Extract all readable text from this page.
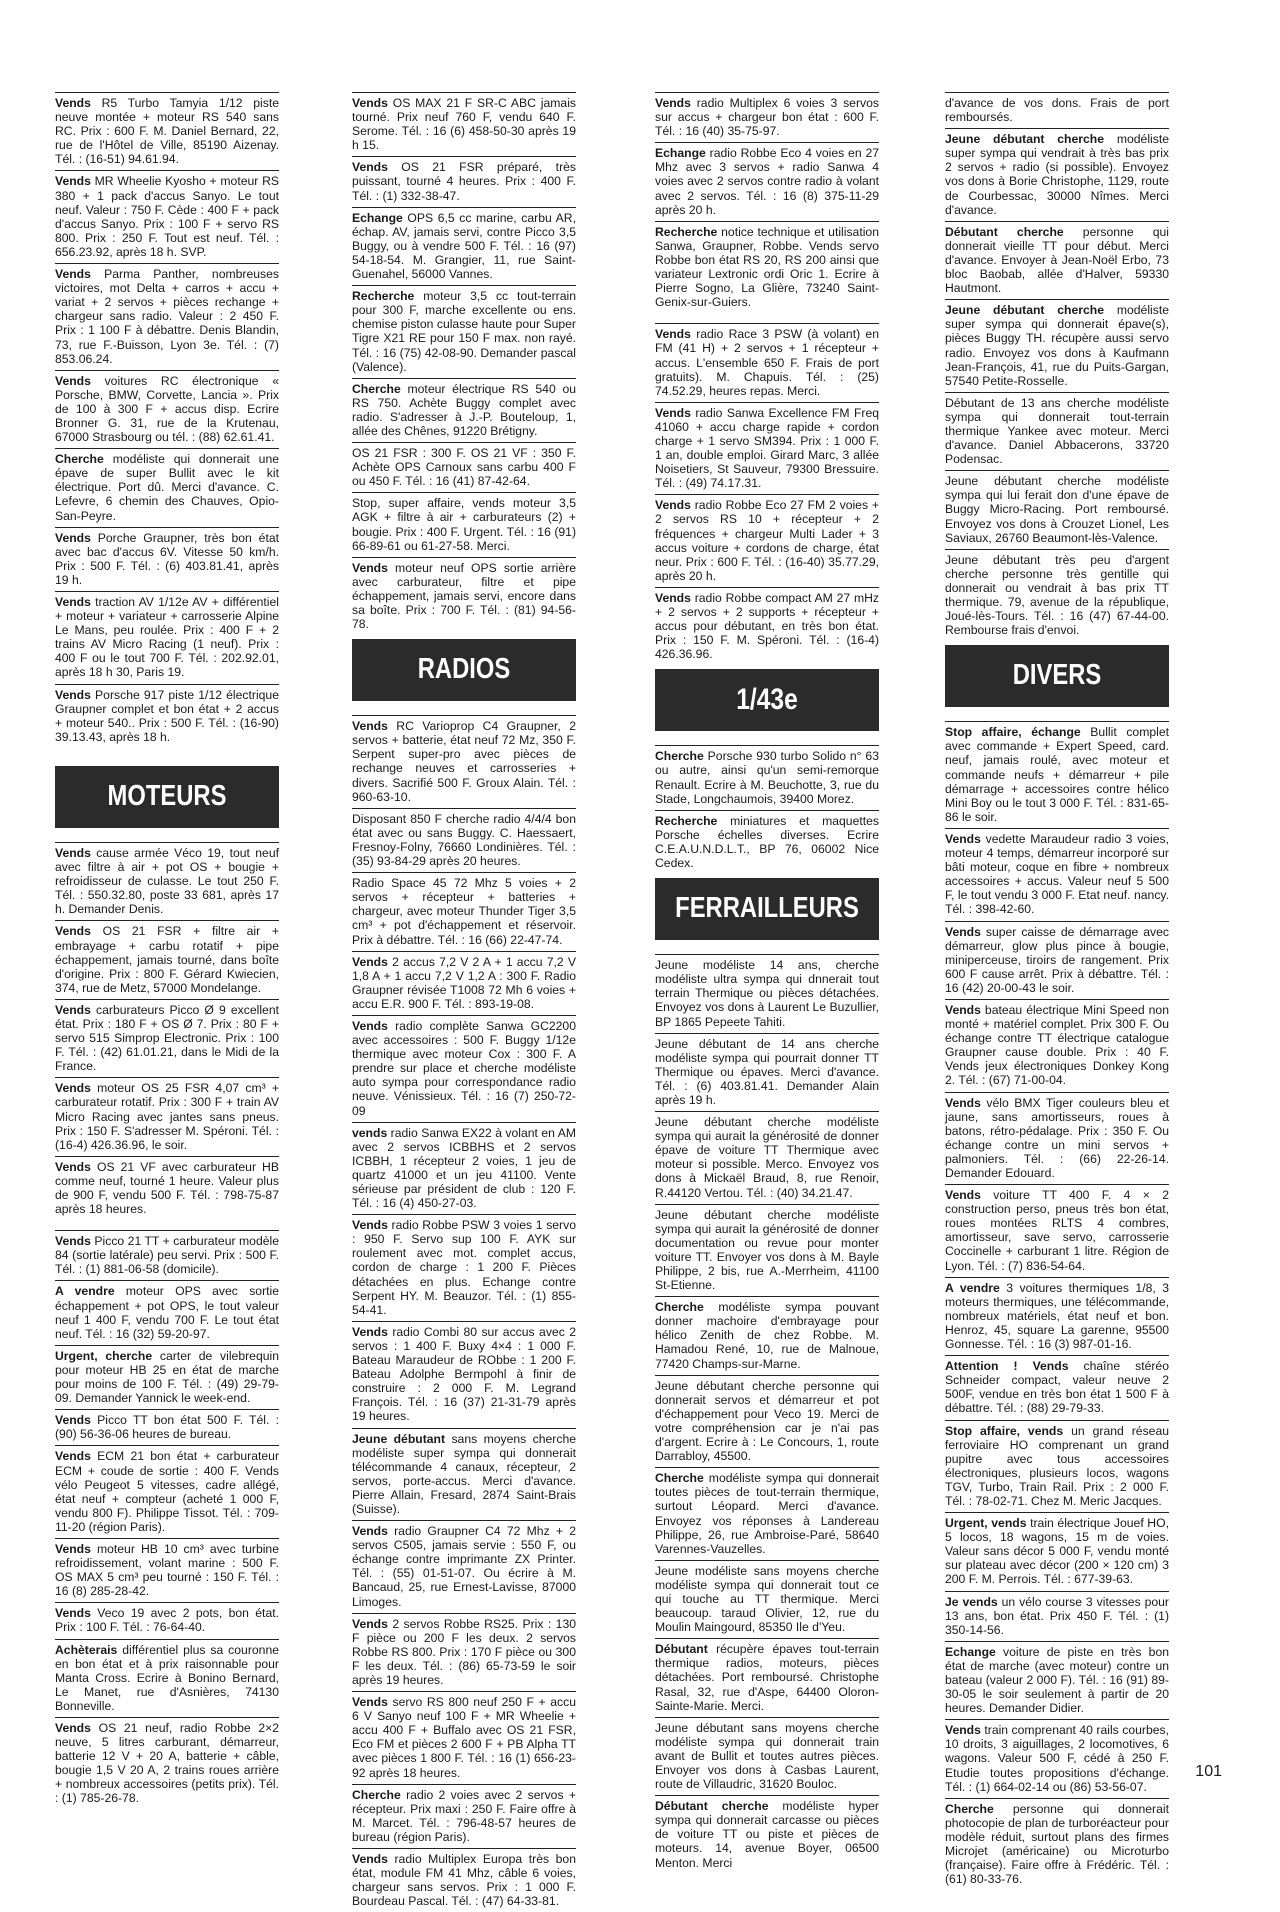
Vends R5 Turbo Tamyia 1/12 piste neuve montée + moteur RS 540 sans RC. Prix : 600 F. M. Daniel Bernard, 22, rue de l'Hôtel de Ville, 85190 Aizenay. Tél. : (16-51) 94.61.94.

Vends MR Wheelie Kyosho + moteur RS 380 + 1 pack d'accus Sanyo. Le tout neuf. Valeur : 750 F. Cède : 400 F + pack d'accus Sanyo. Prix : 100 F + servo RS 800. Prix : 250 F. Tout est neuf. Tél. : 656.23.92, après 18 h. SVP.

Vends Parma Panther, nombreuses victoires, mot Delta + carros + accu + variat + 2 servos + pièces rechange + chargeur sans radio. Valeur : 2 450 F. Prix : 1 100 F à débattre. Denis Blandin, 73, rue F.-Buisson, Lyon 3e. Tél. : (7) 853.06.24.

Vends voitures RC électronique « Porsche, BMW, Corvette, Lancia ». Prix de 100 à 300 F + accus disp. Ecrire Bronner G. 31, rue de la Krutenau, 67000 Strasbourg ou tél. : (88) 62.61.41.

Cherche modéliste qui donnerait une épave de super Bullit avec le kit électrique. Port dû. Merci d'avance. C. Lefevre, 6 chemin des Chauves, Opio-San-Peyre.

Vends Porche Graupner, très bon état avec bac d'accus 6V. Vitesse 50 km/h. Prix : 500 F. Tél. : (6) 403.81.41, après 19 h.

Vends traction AV 1/12e AV + différentiel + moteur + variateur + carrosserie Alpine Le Mans, peu roulée. Prix : 400 F + 2 trains AV Micro Racing (1 neuf). Prix : 400 F ou le tout 700 F. Tél. : 202.92.01, après 18 h 30, Paris 19.

Vends Porsche 917 piste 1/12 électrique Graupner complet et bon état + 2 accus + moteur 540.. Prix : 500 F. Tél. : (16-90) 39.13.43, après 18 h.

MOTEURS

Vends cause armée Véco 19, tout neuf avec filtre à air + pot OS + bougie + refroidisseur de culasse. Le tout 250 F. Tél. : 550.32.80, poste 33 681, après 17 h. Demander Denis.

Vends OS 21 FSR + filtre air + embrayage + carbu rotatif + pipe échappement, jamais tourné, dans boîte d'origine. Prix : 800 F. Gérard Kwiecien, 374, rue de Metz, 57000 Mondelange.

Vends carburateurs Picco Ø 9 excellent état. Prix : 180 F + OS Ø 7. Prix : 80 F + servo 515 Simprop Electronic. Prix : 100 F. Tél. : (42) 61.01.21, dans le Midi de la France.

Vends moteur OS 25 FSR 4,07 cm³ + carburateur rotatif. Prix : 300 F + train AV Micro Racing avec jantes sans pneus. Prix : 150 F. S'adresser M. Spéroni. Tél. : (16-4) 426.36.96, le soir.

Vends OS 21 VF avec carburateur HB comme neuf, tourné 1 heure. Valeur plus de 900 F, vendu 500 F. Tél. : 798-75-87 après 18 heures.

Vends Picco 21 TT + carburateur modèle 84 (sortie latérale) peu servi. Prix : 500 F. Tél. : (1) 881-06-58 (domicile).

A vendre moteur OPS avec sortie échappement + pot OPS, le tout valeur neuf 1 400 F, vendu 700 F. Le tout état neuf. Tél. : 16 (32) 59-20-97.

Urgent, cherche carter de vilebrequin pour moteur HB 25 en état de marche pour moins de 100 F. Tél. : (49) 29-79-09. Demander Yannick le week-end.

Vends Picco TT bon état 500 F. Tél. : (90) 56-36-06 heures de bureau.

Vends ECM 21 bon état + carburateur ECM + coude de sortie : 400 F. Vends vélo Peugeot 5 vitesses, cadre allégé, état neuf + compteur (acheté 1 000 F, vendu 800 F). Philippe Tissot. Tél. : 709-11-20 (région Paris).

Vends moteur HB 10 cm³ avec turbine refroidissement, volant marine : 500 F. OS MAX 5 cm³ peu tourné : 150 F. Tél. : 16 (8) 285-28-42.

Vends Veco 19 avec 2 pots, bon état. Prix : 100 F. Tél. : 76-64-40.

Achèterais différentiel plus sa couronne en bon état et à prix raisonnable pour Manta Cross. Ecrire à Bonino Bernard, Le Manet, rue d'Asnières, 74130 Bonneville.

Vends OS 21 neuf, radio Robbe 2×2 neuve, 5 litres carburant, démarreur, batterie 12 V + 20 A, batterie + câble, bougie 1,5 V 20 A, 2 trains roues arrière + nombreux accessoires (petits prix). Tél. : (1) 785-26-78.

Vends OS MAX 21 F SR-C ABC jamais tourné. Prix neuf 760 F, vendu 640 F. Serome. Tél. : 16 (6) 458-50-30 après 19 h 15.

Vends OS 21 FSR préparé, très puissant, tourné 4 heures. Prix : 400 F. Tél. : (1) 332-38-47.

Echange OPS 6,5 cc marine, carbu AR, échap. AV, jamais servi, contre Picco 3,5 Buggy, ou à vendre 500 F. Tél. : 16 (97) 54-18-54. M. Grangier, 11, rue Saint-Guenahel, 56000 Vannes.

Recherche moteur 3,5 cc tout-terrain pour 300 F, marche excellente ou ens. chemise piston culasse haute pour Super Tigre X21 RE pour 150 F max. non rayé. Tél. : 16 (75) 42-08-90. Demander pascal (Valence).

Cherche moteur électrique RS 540 ou RS 750. Achète Buggy complet avec radio. S'adresser à J.-P. Bouteloup, 1, allée des Chênes, 91220 Brétigny.

OS 21 FSR : 300 F. OS 21 VF : 350 F. Achète OPS Carnoux sans carbu 400 F ou 450 F. Tél. : 16 (41) 87-42-64.

Stop, super affaire, vends moteur 3,5 AGK + filtre à air + carburateurs (2) + bougie. Prix : 400 F. Urgent. Tél. : 16 (91) 66-89-61 ou 61-27-58. Merci.

Vends moteur neuf OPS sortie arrière avec carburateur, filtre et pipe échappement, jamais servi, encore dans sa boîte. Prix : 700 F. Tél. : (81) 94-56-78.

RADIOS

Vends RC Varioprop C4 Graupner, 2 servos + batterie, état neuf 72 Mz, 350 F. Serpent super-pro avec pièces de rechange neuves et carrosseries + divers. Sacrifié 500 F. Groux Alain. Tél. : 960-63-10.

Disposant 850 F cherche radio 4/4/4 bon état avec ou sans Buggy. C. Haessaert, Fresnoy-Folny, 76660 Londinières. Tél. : (35) 93-84-29 après 20 heures.

Radio Space 45 72 Mhz 5 voies + 2 servos + récepteur + batteries + chargeur, avec moteur Thunder Tiger 3,5 cm³ + pot d'échappement et réservoir. Prix à débattre. Tél. : 16 (66) 22-47-74.

Vends 2 accus 7,2 V 2 A + 1 accu 7,2 V 1,8 A + 1 accu 7,2 V 1,2 A : 300 F. Radio Graupner révisée T1008 72 Mh 6 voies + accu E.R. 900 F. Tél. : 893-19-08.

Vends radio complète Sanwa GC2200 avec accessoires : 500 F. Buggy 1/12e thermique avec moteur Cox : 300 F. A prendre sur place et cherche modéliste auto sympa pour correspondance radio neuve. Vénissieux. Tél. : 16 (7) 250-72-09

vends radio Sanwa EX22 à volant en AM avec 2 servos ICBBHS et 2 servos ICBBH, 1 récepteur 2 voies, 1 jeu de quartz 41000 et un jeu 41100. Vente sérieuse par président de club : 120 F. Tél. : 16 (4) 450-27-03.

Vends radio Robbe PSW 3 voies 1 servo : 950 F. Servo sup 100 F. AYK sur roulement avec mot. complet accus, cordon de charge : 1 200 F. Pièces détachées en plus. Echange contre Serpent HY. M. Beauzor. Tél. : (1) 855-54-41.

Vends radio Combi 80 sur accus avec 2 servos : 1 400 F. Buxy 4×4 : 1 000 F. Bateau Maraudeur de RObbe : 1 200 F. Bateau Adolphe Bermpohl à finir de construire : 2 000 F. M. Legrand François. Tél. : 16 (37) 21-31-79 après 19 heures.

Jeune débutant sans moyens cherche modéliste super sympa qui donnerait télécommande 4 canaux, récepteur, 2 servos, porte-accus. Merci d'avance. Pierre Allain, Fresard, 2874 Saint-Brais (Suisse).

Vends radio Graupner C4 72 Mhz + 2 servos C505, jamais servie : 550 F, ou échange contre imprimante ZX Printer. Tél. : (55) 01-51-07. Ou écrire à M. Bancaud, 25, rue Ernest-Lavisse, 87000 Limoges.

Vends 2 servos Robbe RS25. Prix : 130 F pièce ou 200 F les deux. 2 servos Robbe RS 800. Prix : 170 F pièce ou 300 F les deux. Tél. : (86) 65-73-59 le soir après 19 heures.

Vends servo RS 800 neuf 250 F + accu 6 V Sanyo neuf 100 F + MR Wheelie + accu 400 F + Buffalo avec OS 21 FSR, Eco FM et pièces 2 600 F + PB Alpha TT avec pièces 1 800 F. Tél. : 16 (1) 656-23-92 après 18 heures.

Cherche radio 2 voies avec 2 servos + récepteur. Prix maxi : 250 F. Faire offre à M. Marcet. Tél. : 796-48-57 heures de bureau (région Paris).

Vends radio Multiplex Europa très bon état, module FM 41 Mhz, câble 6 voies, chargeur sans servos. Prix : 1 000 F. Bourdeau Pascal. Tél. : (47) 64-33-81.

Vends radio Multiplex 6 voies 3 servos sur accus + chargeur bon état : 600 F. Tél. : 16 (40) 35-75-97.

Echange radio Robbe Eco 4 voies en 27 Mhz avec 3 servos + radio Sanwa 4 voies avec 2 servos contre radio à volant avec 2 servos. Tél. : 16 (8) 375-11-29 après 20 h.

Recherche notice technique et utilisation Sanwa, Graupner, Robbe. Vends servo Robbe bon état RS 20, RS 200 ainsi que variateur Lextronic ordi Oric 1. Ecrire à Pierre Sogno, La Glière, 73240 Saint-Genix-sur-Guiers.

Vends radio Race 3 PSW (à volant) en FM (41 H) + 2 servos + 1 récepteur + accus. L'ensemble 650 F. Frais de port gratuits). M. Chapuis. Tél. : (25) 74.52.29, heures repas. Merci.

Vends radio Sanwa Excellence FM Freq 41060 + accu charge rapide + cordon charge + 1 servo SM394. Prix : 1 000 F. 1 an, double emploi. Girard Marc, 3 allée Noisetiers, St Sauveur, 79300 Bressuire. Tél. : (49) 74.17.31.

Vends radio Robbe Eco 27 FM 2 voies + 2 servos RS 10 + récepteur + 2 fréquences + chargeur Multi Lader + 3 accus voiture + cordons de charge, état neur. Prix : 600 F. Tél. : (16-40) 35.77.29, après 20 h.

Vends radio Robbe compact AM 27 mHz + 2 servos + 2 supports + récepteur + accus pour débutant, en très bon état. Prix : 150 F. M. Spéroni. Tél. : (16-4) 426.36.96.

1/43e

Cherche Porsche 930 turbo Solido n° 63 ou autre, ainsi qu'un semi-remorque Renault. Ecrire à M. Beuchotte, 3, rue du Stade, Longchaumois, 39400 Morez.

Recherche miniatures et maquettes Porsche échelles diverses. Ecrire C.E.A.U.N.D.L.T., BP 76, 06002 Nice Cedex.

FERRAILLEURS

Jeune modéliste 14 ans, cherche modéliste ultra sympa qui dnnerait tout terrain Thermique ou pièces détachées. Envoyez vos dons à Laurent Le Buzullier, BP 1865 Pepeete Tahiti.

Jeune débutant de 14 ans cherche modéliste sympa qui pourrait donner TT Thermique ou épaves. Merci d'avance. Tél. : (6) 403.81.41. Demander Alain après 19 h.

Jeune débutant cherche modéliste sympa qui aurait la générosité de donner épave de voiture TT Thermique avec moteur si possible. Merco. Envoyez vos dons à Mickaël Braud, 8, rue Renoir, R.44120 Vertou. Tél. : (40) 34.21.47.

Jeune débutant cherche modéliste sympa qui aurait la générosité de donner documentation ou revue pour monter voiture TT. Envoyer vos dons à M. Bayle Philippe, 2 bis, rue A.-Merrheim, 41100 St-Etienne.

Cherche modéliste sympa pouvant donner machoire d'embrayage pour hélico Zenith de chez Robbe. M. Hamadou René, 10, rue de Malnoue, 77420 Champs-sur-Marne.

Jeune débutant cherche personne qui donnerait servos et démarreur et pot d'échappement pour Veco 19. Merci de votre compréhension car je n'ai pas d'argent. Ecrire à : Le Concours, 1, route Darrabloy, 45500.

Cherche modéliste sympa qui donnerait toutes pièces de tout-terrain thermique, surtout Léopard. Merci d'avance. Envoyez vos réponses à Landereau Philippe, 26, rue Ambroise-Paré, 58640 Varennes-Vauzelles.

Jeune modéliste sans moyens cherche modéliste sympa qui donnerait tout ce qui touche au TT thermique. Merci beaucoup. taraud Olivier, 12, rue du Moulin Maingourd, 85350 Ile d'Yeu.

Débutant récupère épaves tout-terrain thermique radios, moteurs, pièces détachées. Port remboursé. Christophe Rasal, 32, rue d'Aspe, 64400 Oloron-Sainte-Marie. Merci.

Jeune débutant sans moyens cherche modéliste sympa qui donnerait train avant de Bullit et toutes autres pièces. Envoyer vos dons à Casbas Laurent, route de Villaudric, 31620 Bouloc.

Débutant cherche modéliste hyper sympa qui donnerait carcasse ou pièces de voiture TT ou piste et pièces de moteurs. 14, avenue Boyer, 06500 Menton. Merci

d'avance de vos dons. Frais de port remboursés.

Jeune débutant cherche modéliste super sympa qui vendrait à très bas prix 2 servos + radio (si possible). Envoyez vos dons à Borie Christophe, 1129, route de Courbessac, 30000 Nîmes. Merci d'avance.

Débutant cherche personne qui donnerait vieille TT pour début. Merci d'avance. Envoyer à Jean-Noël Erbo, 73 bloc Baobab, allée d'Halver, 59330 Hautmont.

Jeune débutant cherche modéliste super sympa qui donnerait épave(s), pièces Buggy TH. récupère aussi servo radio. Envoyez vos dons à Kaufmann Jean-François, 41, rue du Puits-Gargan, 57540 Petite-Rosselle.

Débutant de 13 ans cherche modéliste sympa qui donnerait tout-terrain thermique Yankee avec moteur. Merci d'avance. Daniel Abbacerons, 33720 Podensac.

Jeune débutant cherche modéliste sympa qui lui ferait don d'une épave de Buggy Micro-Racing. Port remboursé. Envoyez vos dons à Crouzet Lionel, Les Saviaux, 26760 Beaumont-lès-Valence.

Jeune débutant très peu d'argent cherche personne très gentille qui donnerait ou vendrait à bas prix TT thermique. 79, avenue de la république, Joué-lès-Tours. Tél. : 16 (47) 67-44-00. Rembourse frais d'envoi.

DIVERS

Stop affaire, échange Bullit complet avec commande + Expert Speed, card. neuf, jamais roulé, avec moteur et commande neufs + démarreur + pile démarrage + accessoires contre hélico Mini Boy ou le tout 3 000 F. Tél. : 831-65-86 le soir.

Vends vedette Maraudeur radio 3 voies, moteur 4 temps, démarreur incorporé sur bâti moteur, coque en fibre + nombreux accessoires + accus. Valeur neuf 5 500 F, le tout vendu 3 000 F. Etat neuf. nancy. Tél. : 398-42-60.

Vends super caisse de démarrage avec démarreur, glow plus pince à bougie, miniperceuse, tiroirs de rangement. Prix 600 F cause arrêt. Prix à débattre. Tél. : 16 (42) 20-00-43 le soir.

Vends bateau électrique Mini Speed non monté + matériel complet. Prix 300 F. Ou échange contre TT électrique catalogue Graupner cause double. Prix : 40 F. Vends jeux électroniques Donkey Kong 2. Tél. : (67) 71-00-04.

Vends vélo BMX Tiger couleurs bleu et jaune, sans amortisseurs, roues à batons, rétro-pédalage. Prix : 350 F. Ou échange contre un mini servos + palmoniers. Tél. : (66) 22-26-14. Demander Edouard.

Vends voiture TT 400 F. 4 × 2 construction perso, pneus très bon état, roues montées RLTS 4 combres, amortisseur, save servo, carrosserie Coccinelle + carburant 1 litre. Région de Lyon. Tél. : (7) 836-54-64.

A vendre 3 voitures thermiques 1/8, 3 moteurs thermiques, une télécommande, nombreux matériels, état neuf et bon. Henroz, 45, square La garenne, 95500 Gonnesse. Tél. : 16 (3) 987-01-16.

Attention ! Vends chaîne stéréo Schneider compact, valeur neuve 2 500F, vendue en très bon état 1 500 F à débattre. Tél. : (88) 29-79-33.

Stop affaire, vends un grand réseau ferroviaire HO comprenant un grand pupitre avec tous accessoires électroniques, plusieurs locos, wagons TGV, Turbo, Train Rail. Prix : 2 000 F. Tél. : 78-02-71. Chez M. Meric Jacques.

Urgent, vends train électrique Jouef HO, 5 locos, 18 wagons, 15 m de voies. Valeur sans décor 5 000 F, vendu monté sur plateau avec décor (200 × 120 cm) 3 200 F. M. Perrois. Tél. : 677-39-63.

Je vends un vélo course 3 vitesses pour 13 ans, bon état. Prix 450 F. Tél. : (1) 350-14-56.

Echange voiture de piste en très bon état de marche (avec moteur) contre un bateau (valeur 2 000 F). Tél. : 16 (91) 89-30-05 le soir seulement à partir de 20 heures. Demander Didier.

Vends train comprenant 40 rails courbes, 10 droits, 3 aiguillages, 2 locomotives, 6 wagons. Valeur 500 F, cédé à 250 F. Etudie toutes propositions d'échange. Tél. : (1) 664-02-14 ou (86) 53-56-07.

Cherche personne qui donnerait photocopie de plan de turboréacteur pour modèle réduit, surtout plans des firmes Microjet (américaine) ou Microturbo (française). Faire offre à Frédéric. Tél. : (61) 80-33-76.

101
